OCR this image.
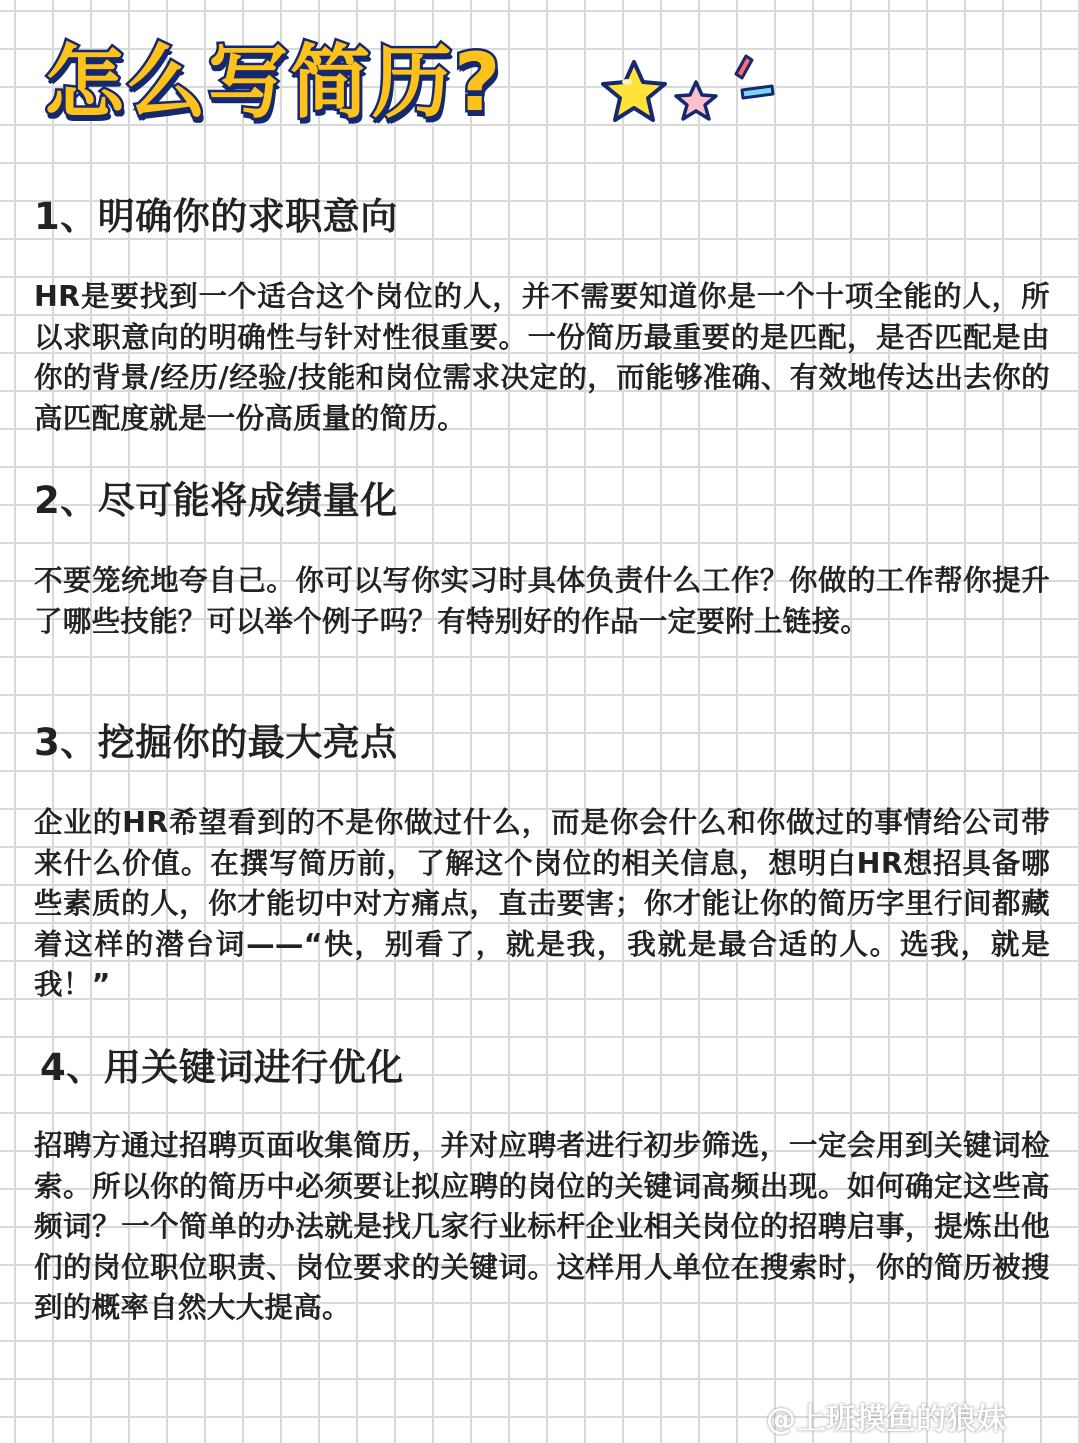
怎么写简历?
1、明确你的求职意向
HR是要找到一个适合这个岗位的人，并不需要知道你是一个十项全能的人，所以求职意向的明确性与针对性很重要。一份简历最重要的是匹配，是否匹配是由你的背景/经历/经验/技能和岗位需求决定的，而能够准确、有效地传达出去你的高匹配度就是一份高质量的简历。
2、尽可能将成绩量化
不要笼统地夸自己。你可以写你实习时具体负责什么工作？你做的工作帮你提升了哪些技能？可以举个例子吗？有特别好的作品一定要附上链接。
3、挖掘你的最大亮点
企业的HR希望看到的不是你做过什么，而是你会什么和你做过的事情给公司带来什么价值。在撰写简历前，了解这个岗位的相关信息，想明白HR想招具备哪些素质的人，你才能切中对方痛点，直击要害；你才能让你的简历字里行间都藏着这样的潜台词——“快，别看了，就是我，我就是最合适的人。选我，就是我！”
4、用关键词进行优化
招聘方通过招聘页面收集简历，并对应聘者进行初步筛选，一定会用到关键词检索。所以你的简历中必须要让拟应聘的岗位的关键词高频出现。如何确定这些高频词？一个简单的办法就是找几家行业标杆企业相关岗位的招聘启事，提炼出他们的岗位职位职责、岗位要求的关键词。这样用人单位在搜索时，你的简历被搜到的概率自然大大提高。
@上班摸鱼的狼妹
